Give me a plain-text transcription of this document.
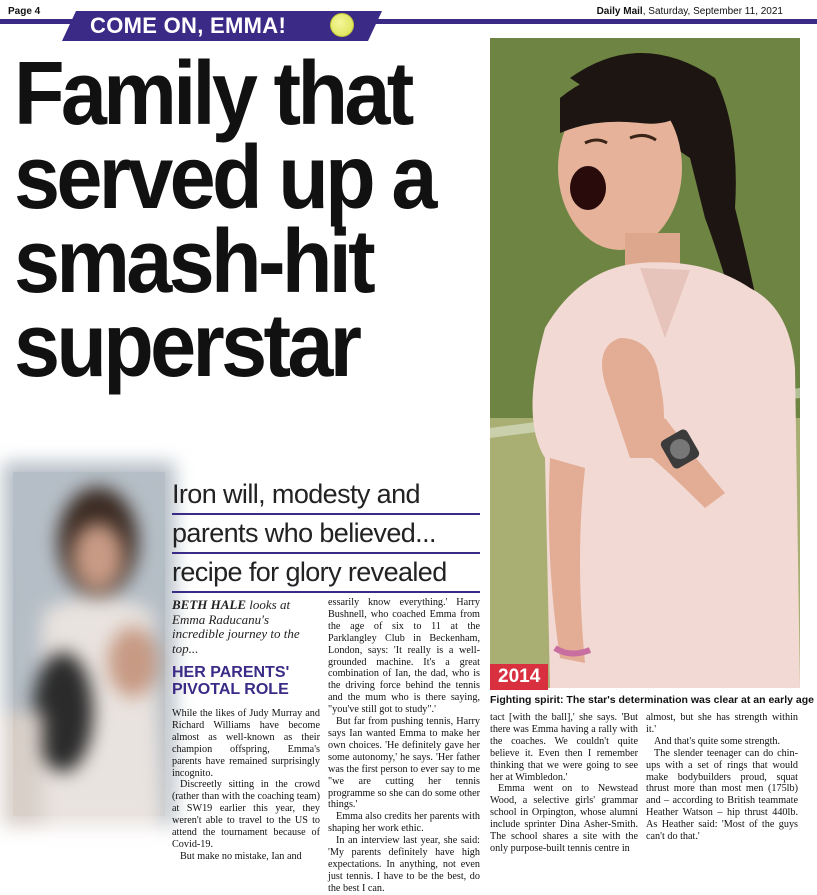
Page 4	Daily Mail, Saturday, September 11, 2021
COME ON, EMMA!
Family that
served up a
smash-hit
superstar
2014
Fighting spirit: The star's determination was clear at an early age
Iron will, modesty and
parents who believed...
recipe for glory revealed
BETH HALE looks at Emma Raducanu's incredible journey to the top...
HER PARENTS' PIVOTAL ROLE

While the likes of Judy Murray and Richard Williams have become almost as well-known as their champion offspring, Emma's parents have remained surprisingly incognito.

Discreetly sitting in the crowd (rather than with the coaching team) at SW19 earlier this year, they weren't able to travel to the US to attend the tournament because of Covid-19.

But make no mistake, Ian and

essarily know everything.' Harry Bushnell, who coached Emma from the age of six to 11 at the Parklangley Club in Beckenham, London, says: 'It really is a well-grounded machine. It's a great combination of Ian, the dad, who is the driving force behind the tennis and the mum who is there saying, "you've still got to study".'

But far from pushing tennis, Harry says Ian wanted Emma to make her own choices. 'He definitely gave her some autonomy,' he says. 'Her father was the first person to ever say to me "we are cutting her tennis programme so she can do some other things.'

Emma also credits her parents with shaping her work ethic.

In an interview last year, she said: 'My parents definitely have high expectations. In anything, not even just tennis. I have to be the best, do the best I can.

tact [with the ball],' she says. 'But there was Emma having a rally with the coaches. We couldn't quite believe it. Even then I remember thinking that we were going to see her at Wimbledon.'

Emma went on to Newstead Wood, a selective girls' grammar school in Orpington, whose alumni include sprinter Dina Asher-Smith. The school shares a site with the only purpose-built tennis centre in

almost, but she has strength within it.'

And that's quite some strength.

The slender teenager can do chin-ups with a set of rings that would make bodybuilders proud, squat thrust more than most men (175lb) and – according to British teammate Heather Watson – hip thrust 440lb. As Heather said: 'Most of the guys can't do that.'
